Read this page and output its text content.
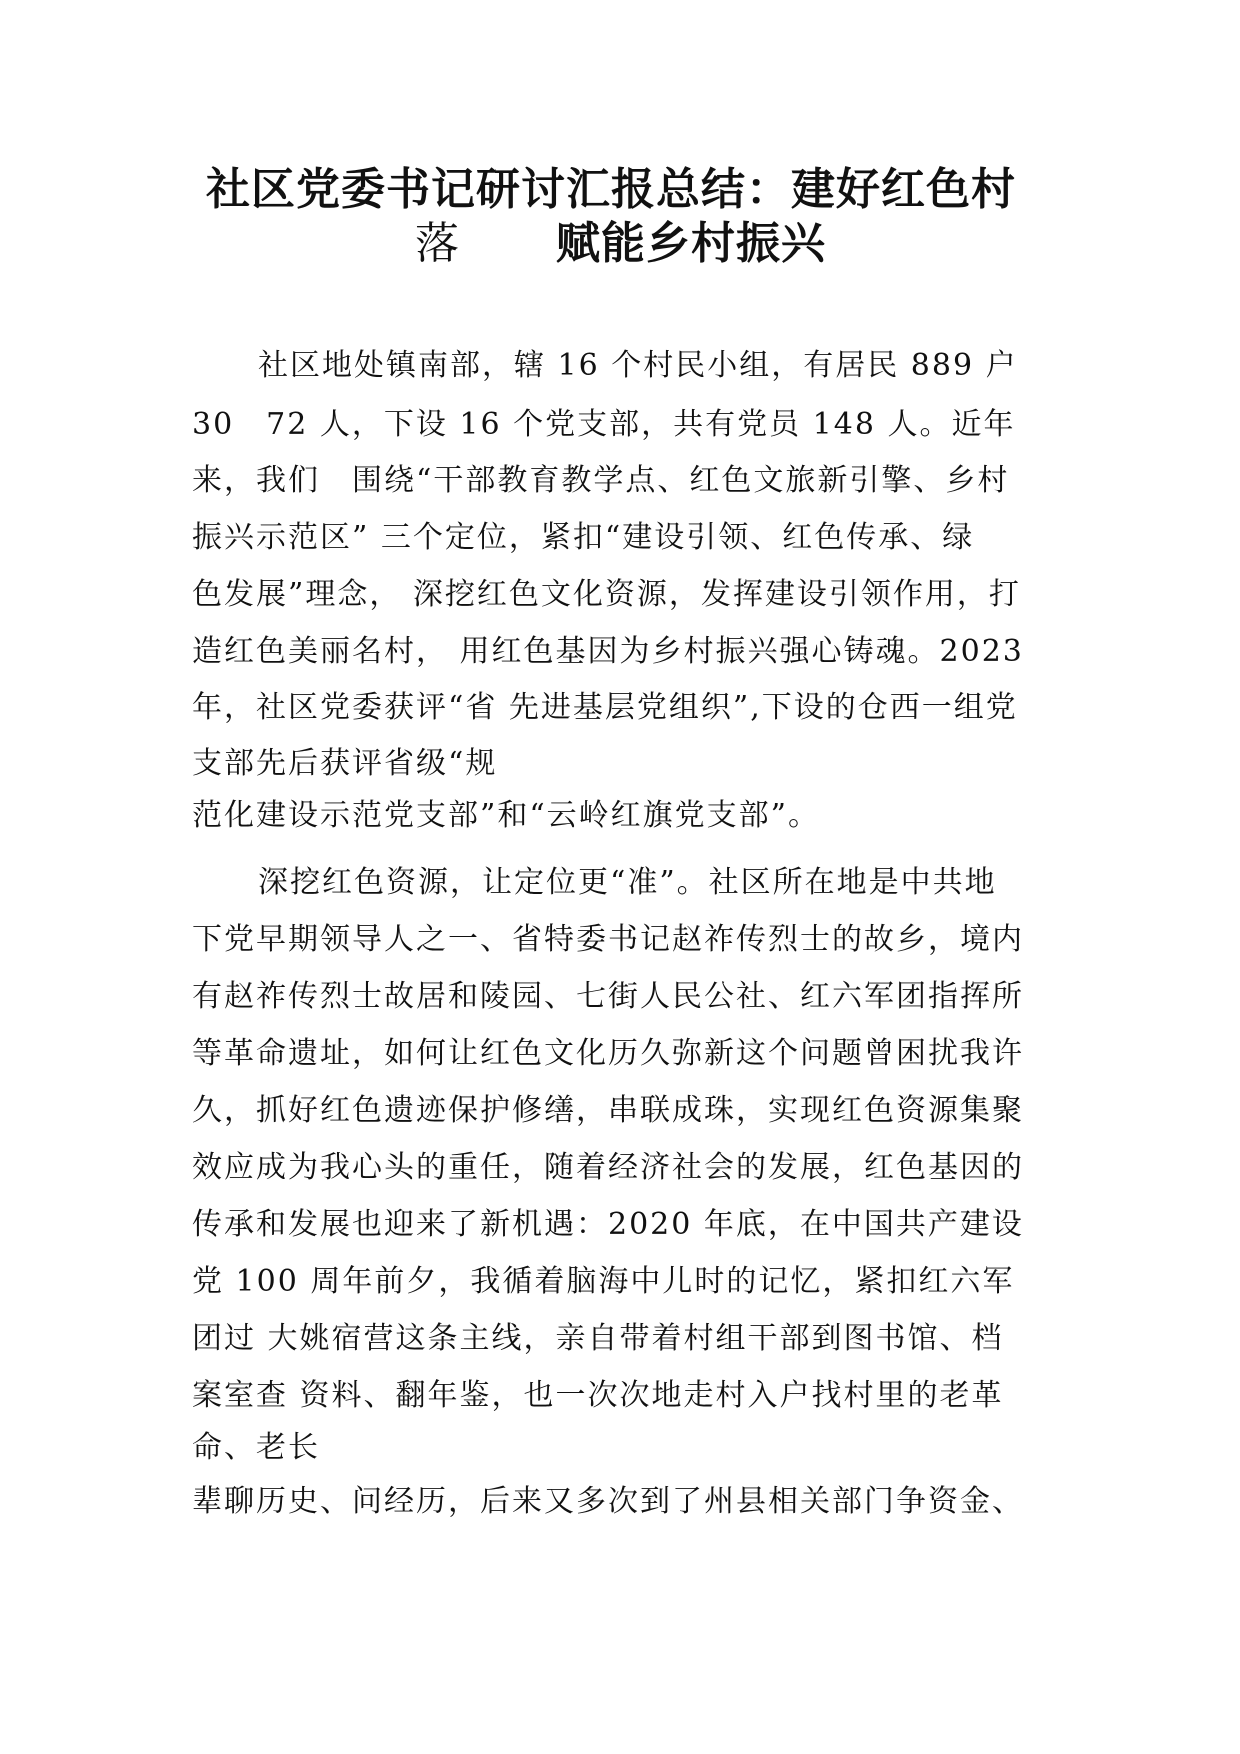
社区党委书记研讨汇报总结：建好红色村
落 赋能乡村振兴
社区地处镇南部，辖 16 个村民小组，有居民 889 户
30　72 人，下设 16 个党支部，共有党员 148 人。近年
来，我们　围绕“干部教育教学点、红色文旅新引擎、乡村
振兴示范区” 三个定位，紧扣“建设引领、红色传承、绿
色发展”理念， 深挖红色文化资源，发挥建设引领作用，打
造红色美丽名村， 用红色基因为乡村振兴强心铸魂。2023
年，社区党委获评“省 先进基层党组织”,下设的仓西一组党
支部先后获评省级“规
范化建设示范党支部”和“云岭红旗党支部”。
深挖红色资源，让定位更“准”。社区所在地是中共地
下党早期领导人之一、省特委书记赵祚传烈士的故乡，境内
有赵祚传烈士故居和陵园、七街人民公社、红六军团指挥所
等革命遗址，如何让红色文化历久弥新这个问题曾困扰我许
久，抓好红色遗迹保护修缮，串联成珠，实现红色资源集聚
效应成为我心头的重任，随着经济社会的发展，红色基因的
传承和发展也迎来了新机遇：2020 年底，在中国共产建设
党 100 周年前夕，我循着脑海中儿时的记忆，紧扣红六军
团过 大姚宿营这条主线，亲自带着村组干部到图书馆、档
案室查 资料、翻年鉴，也一次次地走村入户找村里的老革
命、老长
辈聊历史、问经历，后来又多次到了州县相关部门争资金、
